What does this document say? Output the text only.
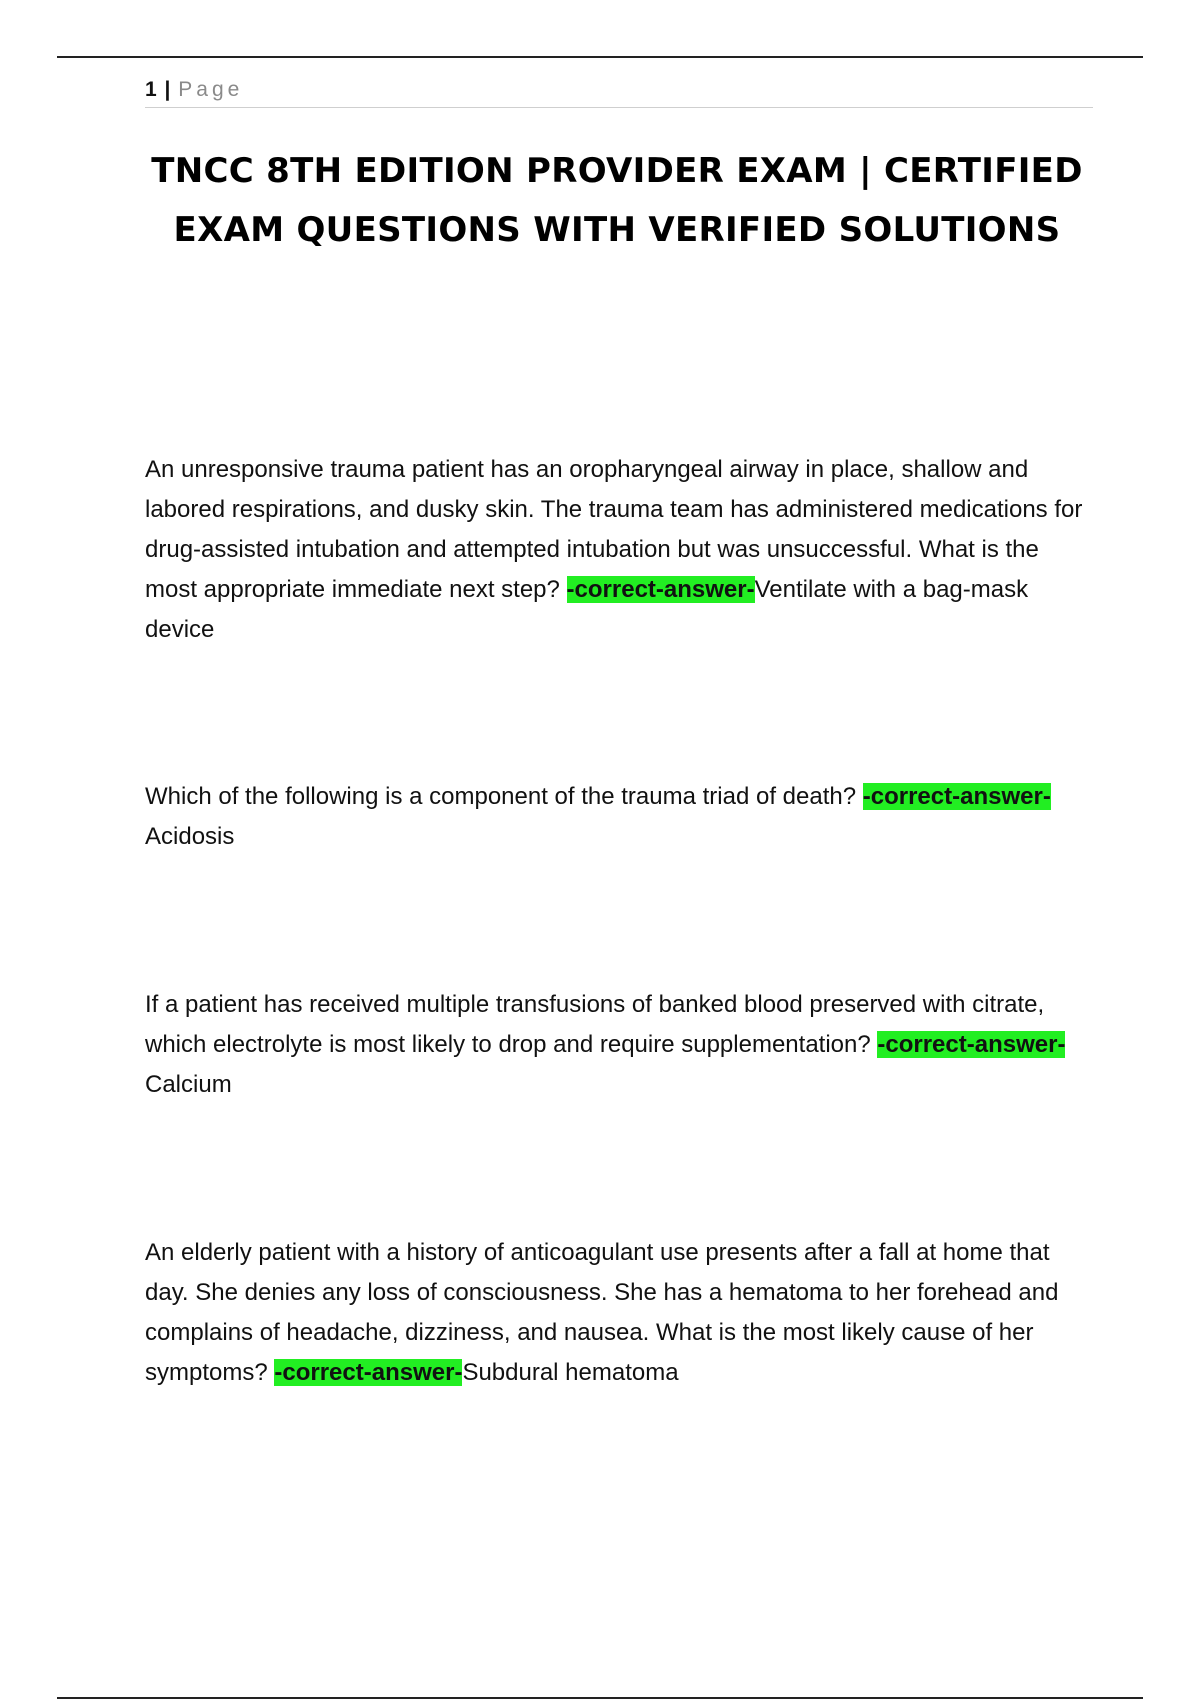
1 | Page
TNCC 8TH EDITION PROVIDER EXAM | CERTIFIED EXAM QUESTIONS WITH VERIFIED SOLUTIONS

An unresponsive trauma patient has an oropharyngeal airway in place, shallow and labored respirations, and dusky skin. The trauma team has administered medications for drug-assisted intubation and attempted intubation but was unsuccessful. What is the most appropriate immediate next step? -correct-answer-Ventilate with a bag-mask device

Which of the following is a component of the trauma triad of death? -correct-answer-Acidosis

If a patient has received multiple transfusions of banked blood preserved with citrate, which electrolyte is most likely to drop and require supplementation? -correct-answer-Calcium

An elderly patient with a history of anticoagulant use presents after a fall at home that day. She denies any loss of consciousness. She has a hematoma to her forehead and complains of headache, dizziness, and nausea. What is the most likely cause of her symptoms? -correct-answer-Subdural hematoma
